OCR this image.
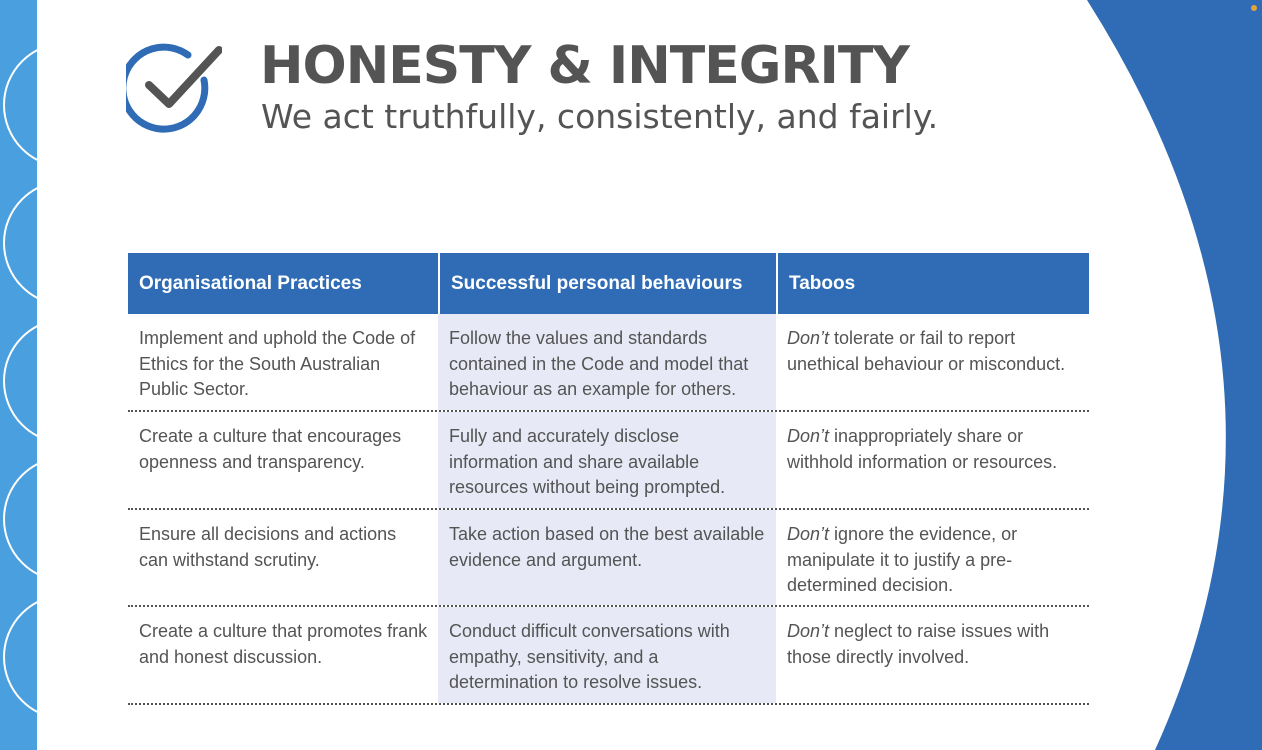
HONESTY & INTEGRITY
We act truthfully, consistently, and fairly.
Organisational Practices	Successful personal behaviours	Taboos
Implement and uphold the Code of Ethics for the South Australian Public Sector.
Follow the values and standards contained in the Code and model that behaviour as an example for others.
Don’t tolerate or fail to report unethical behaviour or misconduct.
Create a culture that encourages openness and transparency.
Fully and accurately disclose information and share available resources without being prompted.
Don’t inappropriately share or withhold information or resources.
Ensure all decisions and actions can withstand scrutiny.
Take action based on the best available evidence and argument.
Don’t ignore the evidence, or manipulate it to justify a pre-determined decision.
Create a culture that promotes frank and honest discussion.
Conduct difficult conversations with empathy, sensitivity, and a determination to resolve issues.
Don’t neglect to raise issues with those directly involved.
